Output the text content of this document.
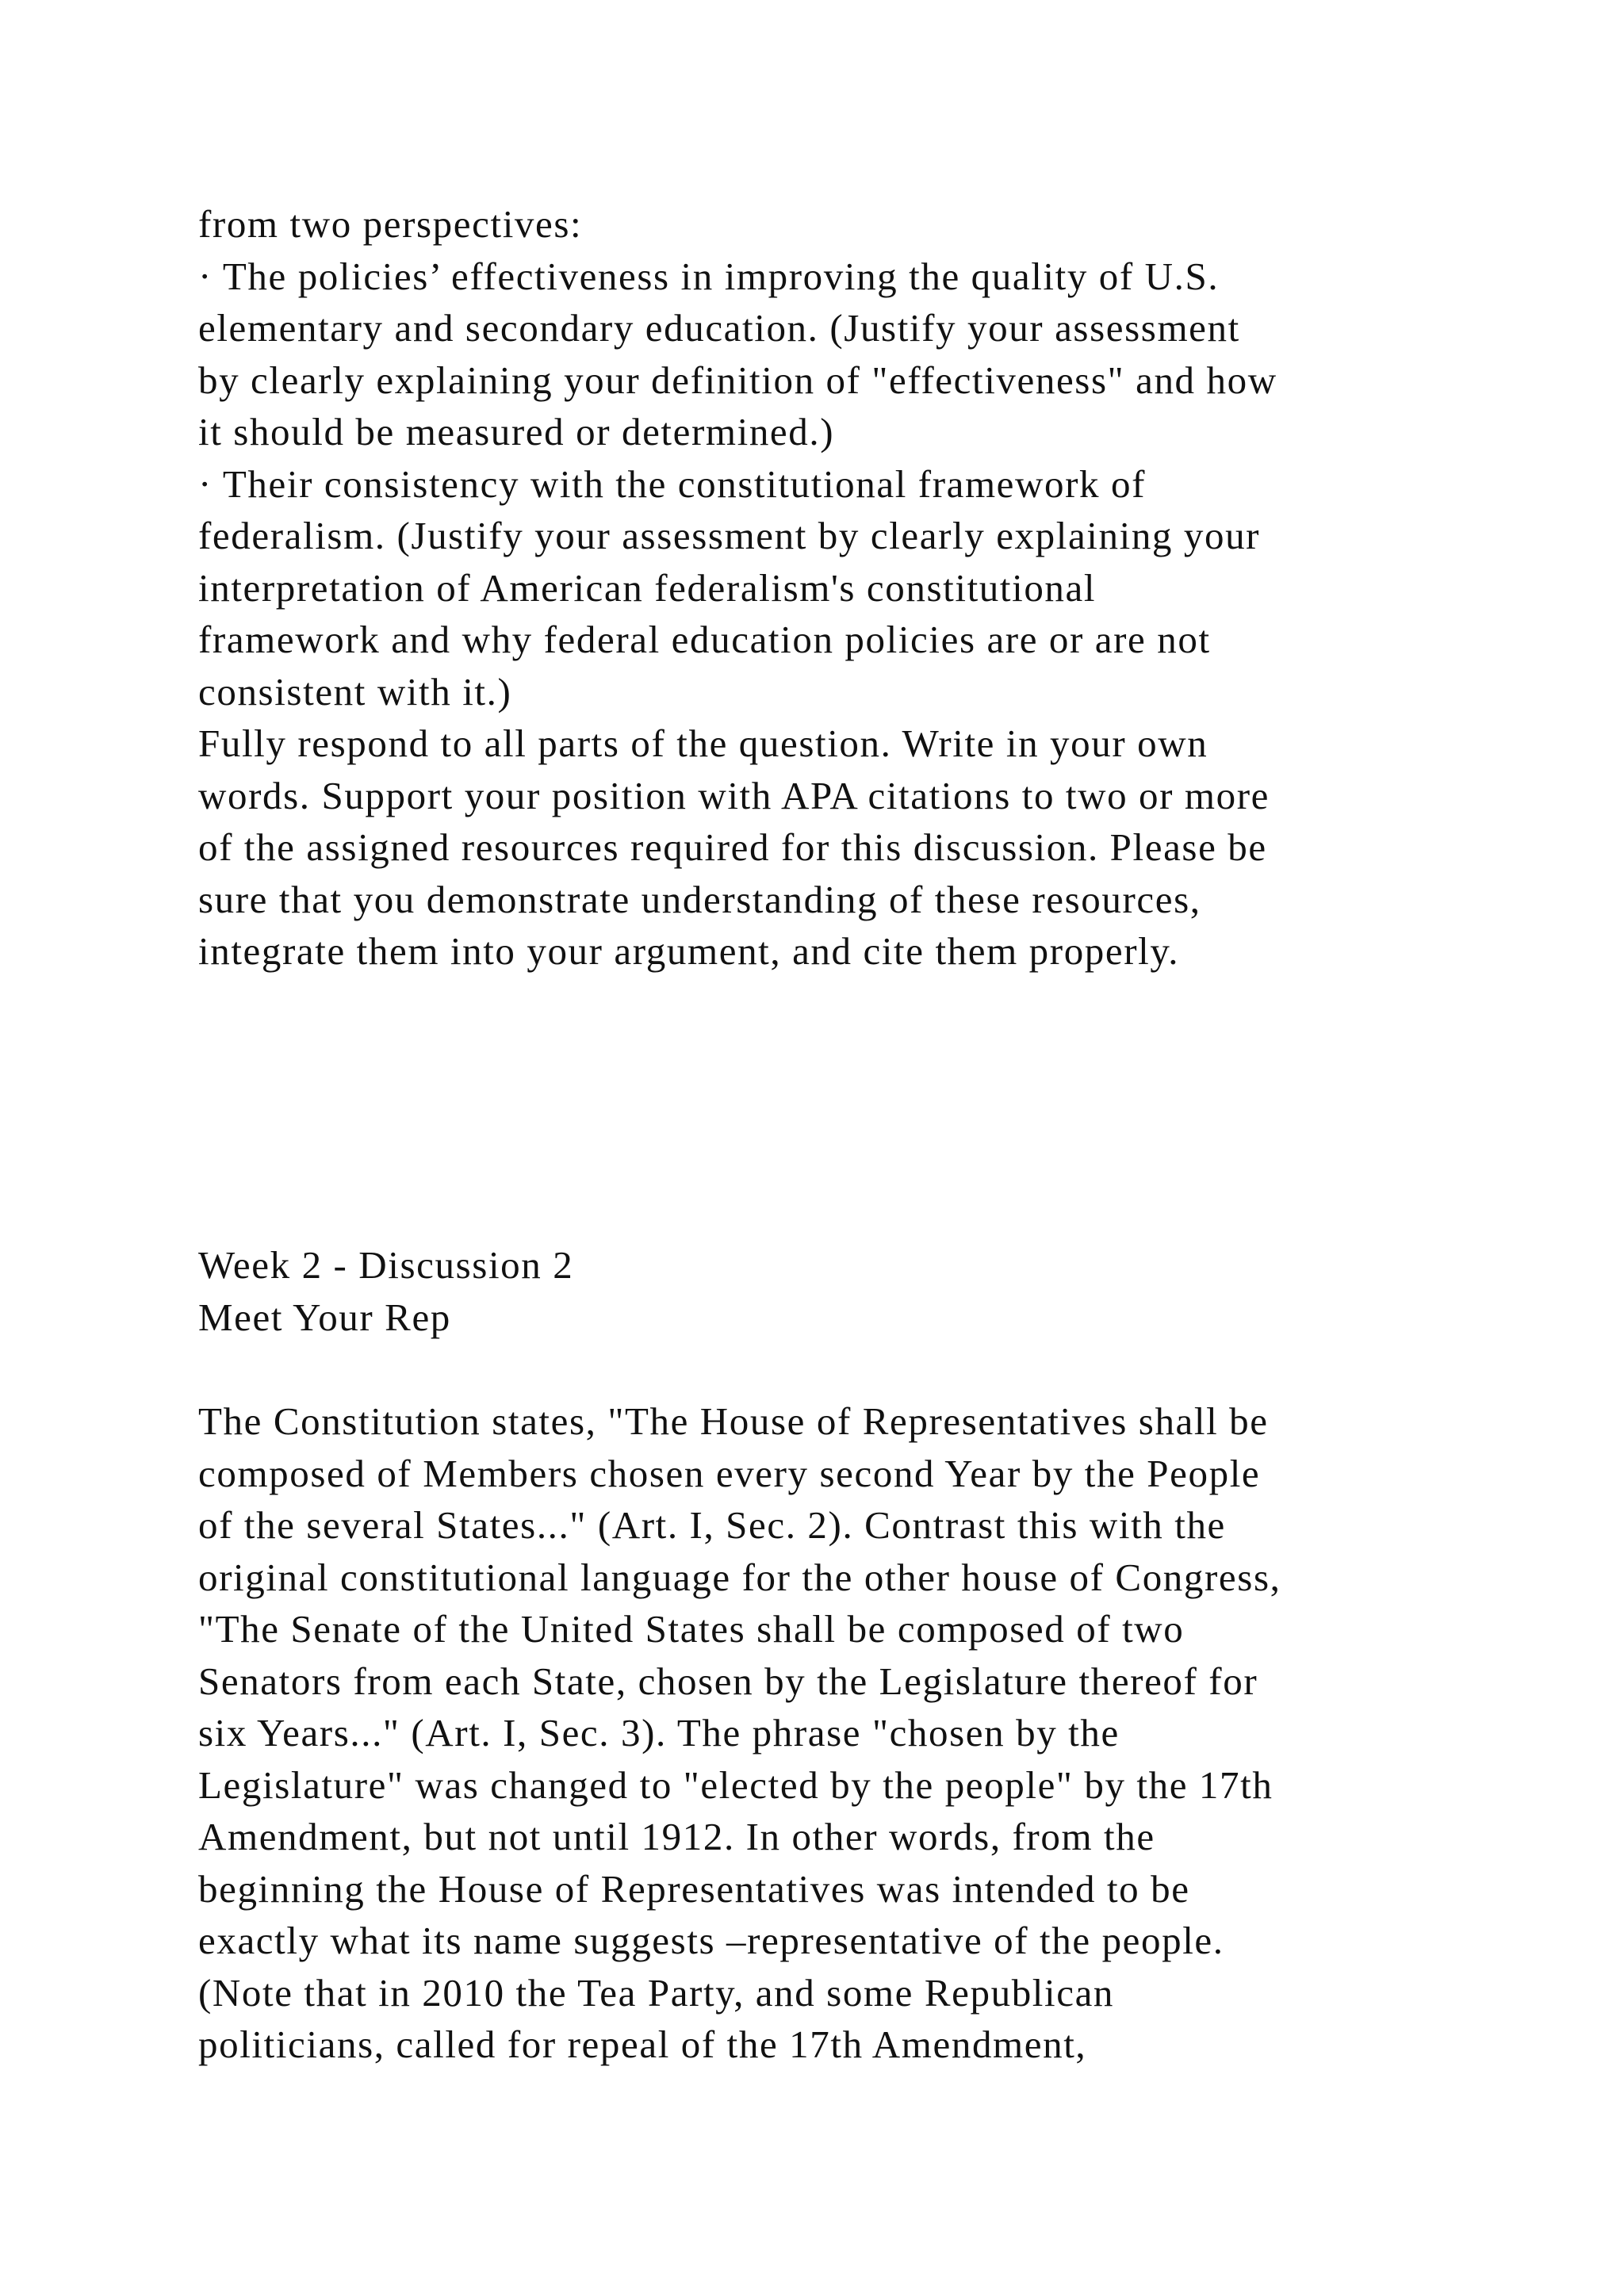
from two perspectives:
· The policies’ effectiveness in improving the quality of U.S.
elementary and secondary education. (Justify your assessment
by clearly explaining your definition of "effectiveness" and how
it should be measured or determined.)
· Their consistency with the constitutional framework of
federalism. (Justify your assessment by clearly explaining your
interpretation of American federalism's constitutional
framework and why federal education policies are or are not
consistent with it.)
Fully respond to all parts of the question. Write in your own
words. Support your position with APA citations to two or more
of the assigned resources required for this discussion. Please be
sure that you demonstrate understanding of these resources,
integrate them into your argument, and cite them properly.
Week 2 - Discussion 2
Meet Your Rep
The Constitution states, "The House of Representatives shall be
composed of Members chosen every second Year by the People
of the several States..." (Art. I, Sec. 2). Contrast this with the
original constitutional language for the other house of Congress,
"The Senate of the United States shall be composed of two
Senators from each State, chosen by the Legislature thereof for
six Years..." (Art. I, Sec. 3). The phrase "chosen by the
Legislature" was changed to "elected by the people" by the 17th
Amendment, but not until 1912. In other words, from the
beginning the House of Representatives was intended to be
exactly what its name suggests –representative of the people.
(Note that in 2010 the Tea Party, and some Republican
politicians, called for repeal of the 17th Amendment,
